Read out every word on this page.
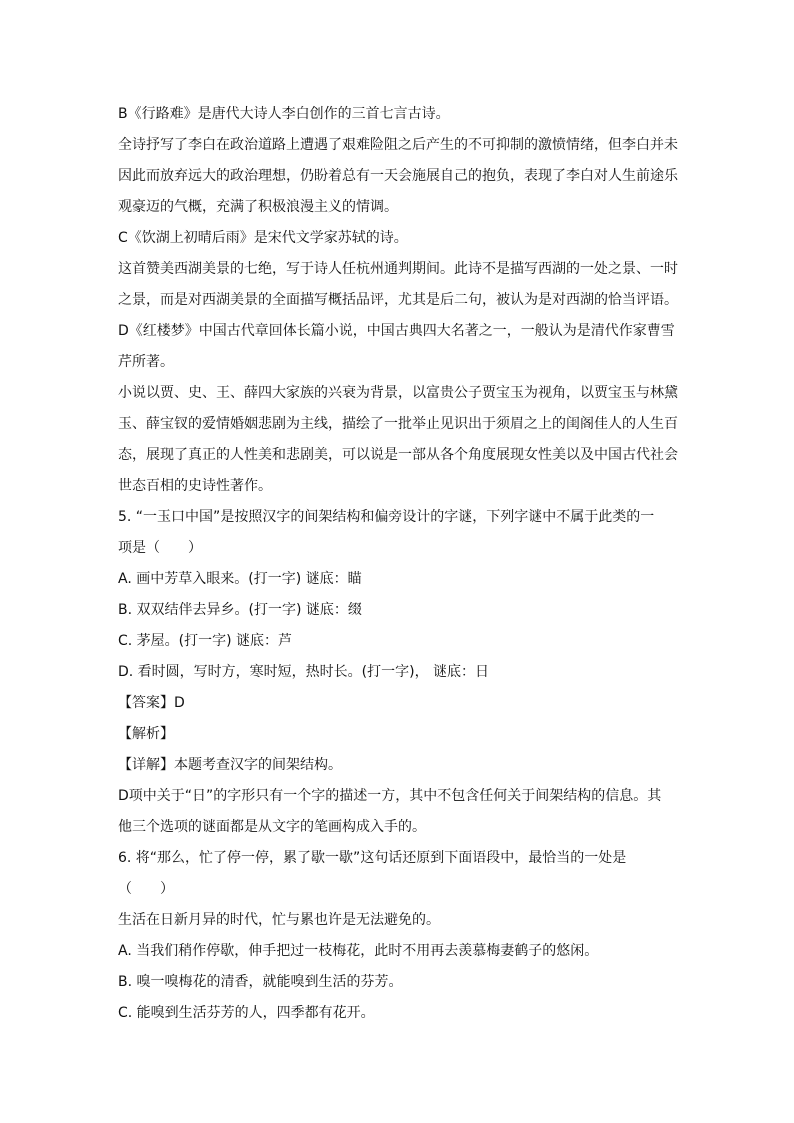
B《行路难》是唐代大诗人李白创作的三首七言古诗。
全诗抒写了李白在政治道路上遭遇了艰难险阻之后产生的不可抑制的激愤情绪，但李白并未
因此而放弃远大的政治理想，仍盼着总有一天会施展自己的抱负，表现了李白对人生前途乐
观豪迈的气概，充满了积极浪漫主义的情调。
C《饮湖上初晴后雨》是宋代文学家苏轼的诗。
这首赞美西湖美景的七绝，写于诗人任杭州通判期间。此诗不是描写西湖的一处之景、一时
之景，而是对西湖美景的全面描写概括品评，尤其是后二句，被认为是对西湖的恰当评语。
D《红楼梦》中国古代章回体长篇小说，中国古典四大名著之一，一般认为是清代作家曹雪
芹所著。
小说以贾、史、王、薛四大家族的兴衰为背景，以富贵公子贾宝玉为视角，以贾宝玉与林黛
玉、薛宝钗的爱情婚姻悲剧为主线，描绘了一批举止见识出于须眉之上的闺阁佳人的人生百
态，展现了真正的人性美和悲剧美，可以说是一部从各个角度展现女性美以及中国古代社会
世态百相的史诗性著作。
5. “一玉口中国”是按照汉字的间架结构和偏旁设计的字谜，下列字谜中不属于此类的一
项是（　　）
A. 画中芳草入眼来。(打一字) 谜底：瞄
B. 双双结伴去异乡。(打一字) 谜底：缀
C. 茅屋。(打一字) 谜底：芦
D. 看时圆，写时方，寒时短，热时长。(打一字)， 谜底：日
【答案】D
【解析】
【详解】本题考查汉字的间架结构。
D项中关于“日”的字形只有一个字的描述一方，其中不包含任何关于间架结构的信息。其
他三个选项的谜面都是从文字的笔画构成入手的。
6. 将“那么，忙了停一停，累了歇一歇”这句话还原到下面语段中，最恰当的一处是
（　　）
生活在日新月异的时代，忙与累也许是无法避免的。
A. 当我们稍作停歇，伸手把过一枝梅花，此时不用再去羡慕梅妻鹤子的悠闲。
B. 嗅一嗅梅花的清香，就能嗅到生活的芬芳。
C. 能嗅到生活芬芳的人，四季都有花开。
